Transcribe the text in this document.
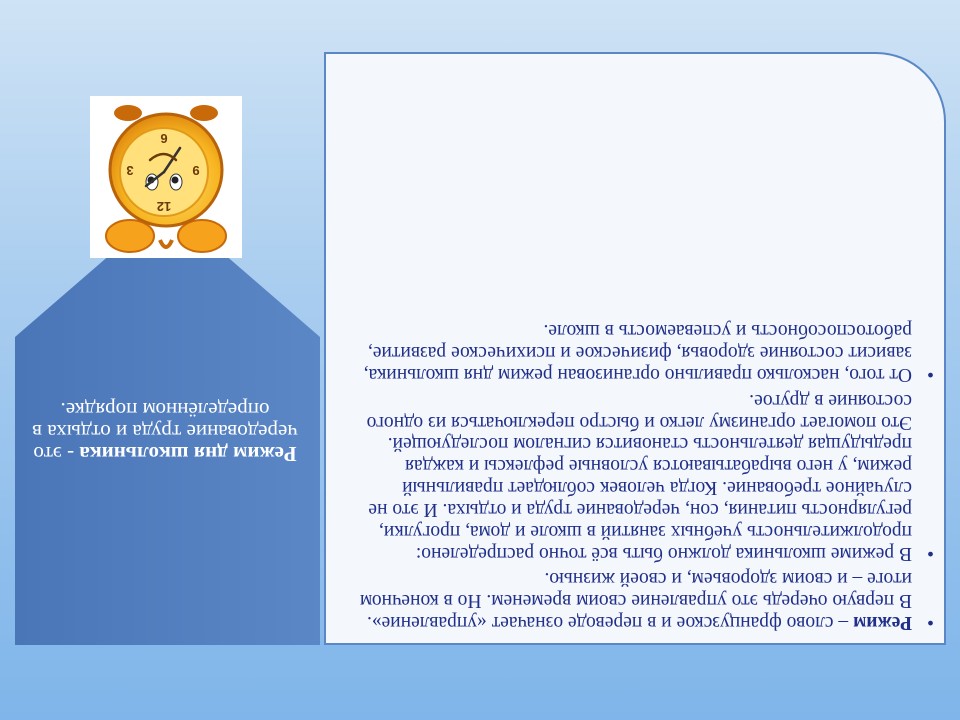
Режим дня школьника - это чередование труда и отдыха в определённом порядке.
12
3
6
9
•
Режим – слово французское и в переводе означает «управление». В первую очередь это управление своим временем. Но в конечном итоге – и своим здоровьем, и своей жизнью.
•
В режиме школьника должно быть всё точно распределено: продолжительность учебных занятий в школе и дома, прогулки, регулярность питания, сон, чередование труда и отдыха. И это не случайное требование. Когда человек соблюдает правильный режим, у него вырабатываются условные рефлексы и каждая предыдущая деятельность становится сигналом последующей. Это помогает организму легко и быстро переключаться из одного состояние в другое.
•
От того, насколько правильно организован режим дня школьника, зависит состояние здоровья, физическое и психическое развитие, работоспособность и успеваемость в школе.
